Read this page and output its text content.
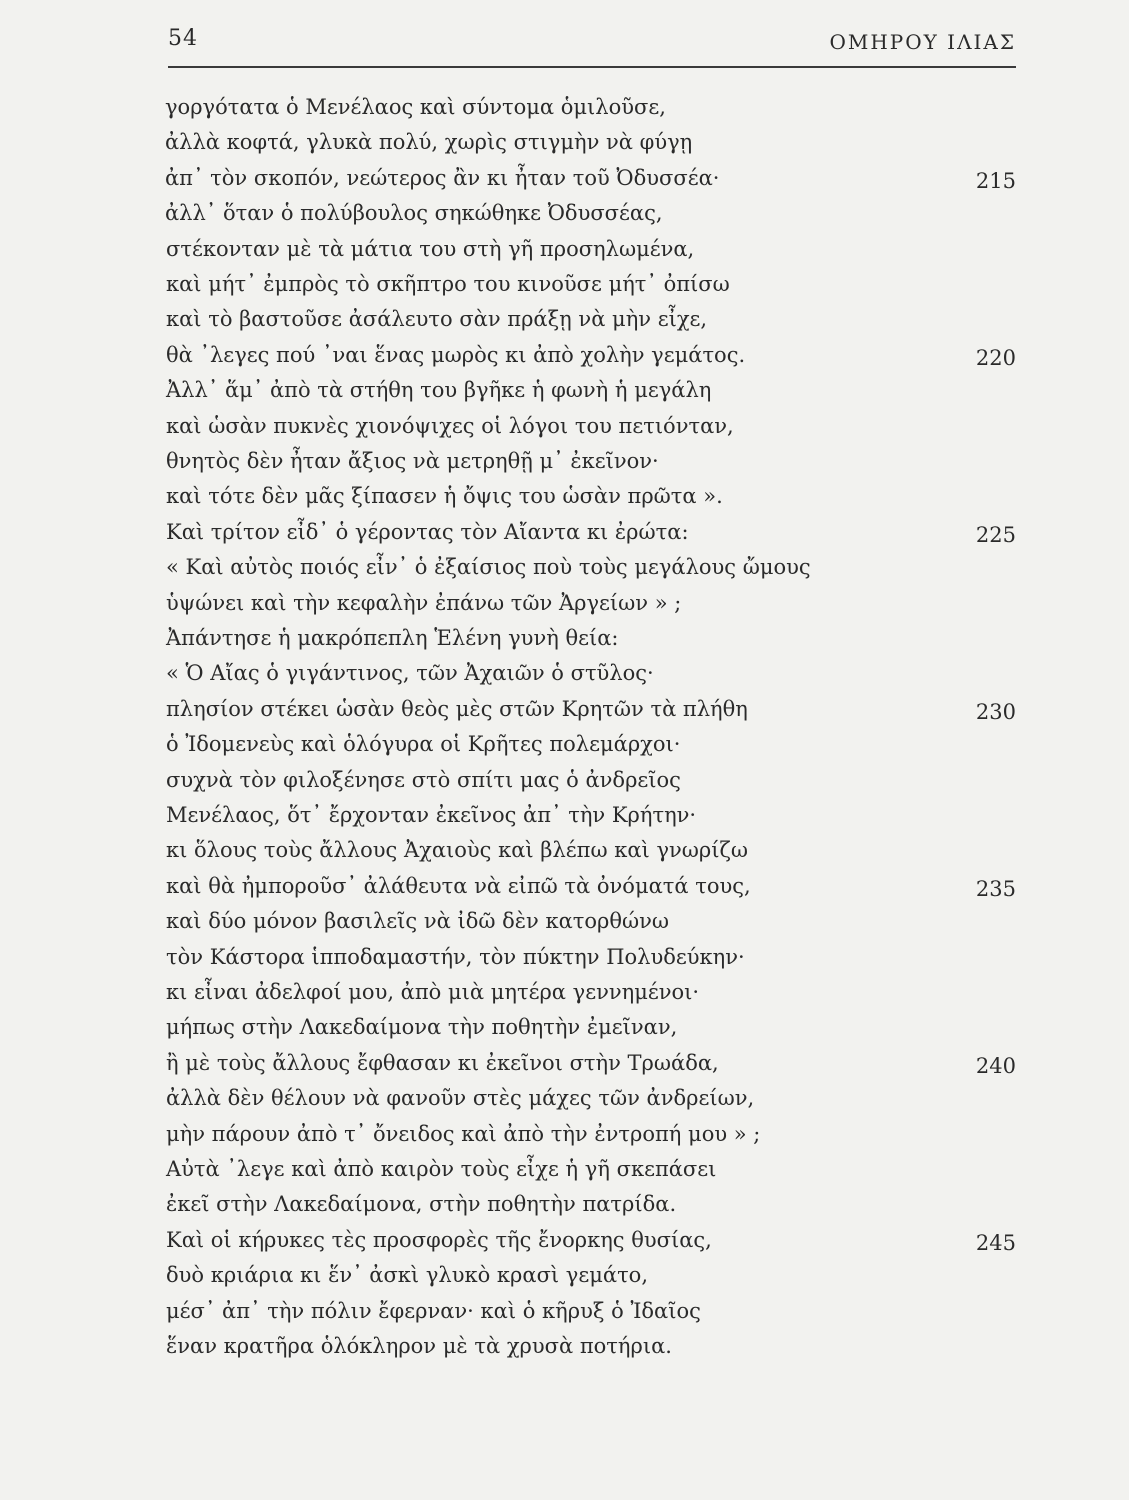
54	ΟΜΗΡΟΥ ΙΛΙΑΣ
γοργότατα ὁ Μενέλαος καὶ σύντομα ὁμιλοῦσε,
ἀλλὰ κοφτά, γλυκὰ πολύ, χωρὶς στιγμὴν νὰ φύγῃ
ἀπ᾽ τὸν σκοπόν, νεώτερος ἂν κι ἦταν τοῦ Ὀδυσσέα·	215
ἀλλ᾽ ὅταν ὁ πολύβουλος σηκώθηκε Ὀδυσσέας,
στέκονταν μὲ τὰ μάτια του στὴ γῆ προσηλωμένα,
καὶ μήτ᾽ ἐμπρὸς τὸ σκῆπτρο του κινοῦσε μήτ᾽ ὀπίσω
καὶ τὸ βαστοῦσε ἀσάλευτο σὰν πράξῃ νὰ μὴν εἶχε,
θὰ ᾽λεγες πού ᾽ναι ἕνας μωρὸς κι ἀπὸ χολὴν γεμάτος.	220
Ἀλλ᾽ ἅμ᾽ ἀπὸ τὰ στήθη του βγῆκε ἡ φωνὴ ἡ μεγάλη
καὶ ὡσὰν πυκνὲς χιονόψιχες οἱ λόγοι του πετιόνταν,
θνητὸς δὲν ἦταν ἄξιος νὰ μετρηθῇ μ᾽ ἐκεῖνον·
καὶ τότε δὲν μᾶς ξίπασεν ἡ ὄψις του ὡσὰν πρῶτα ».
Καὶ τρίτον εἶδ᾽ ὁ γέροντας τὸν Αἴαντα κι ἐρώτα:	225
« Καὶ αὐτὸς ποιός εἶν᾽ ὁ ἐξαίσιος ποὺ τοὺς μεγάλους ὤμους
ὑψώνει καὶ τὴν κεφαλὴν ἐπάνω τῶν Ἀργείων » ;
Ἀπάντησε ἡ μακρόπεπλη Ἑλένη γυνὴ θεία:
« Ὁ Αἴας ὁ γιγάντινος, τῶν Ἀχαιῶν ὁ στῦλος·
πλησίον στέκει ὡσὰν θεὸς μὲς στῶν Κρητῶν τὰ πλήθη	230
ὁ Ἰδομενεὺς καὶ ὁλόγυρα οἱ Κρῆτες πολεμάρχοι·
συχνὰ τὸν φιλοξένησε στὸ σπίτι μας ὁ ἀνδρεῖος
Μενέλαος, ὅτ᾽ ἔρχονταν ἐκεῖνος ἀπ᾽ τὴν Κρήτην·
κι ὅλους τοὺς ἄλλους Ἀχαιοὺς καὶ βλέπω καὶ γνωρίζω
καὶ θὰ ἠμποροῦσ᾽ ἀλάθευτα νὰ εἰπῶ τὰ ὀνόματά τους,	235
καὶ δύο μόνον βασιλεῖς νὰ ἰδῶ δὲν κατορθώνω
τὸν Κάστορα ἱπποδαμαστήν, τὸν πύκτην Πολυδεύκην·
κι εἶναι ἀδελφοί μου, ἀπὸ μιὰ μητέρα γεννημένοι·
μήπως στὴν Λακεδαίμονα τὴν ποθητὴν ἐμεῖναν,
ἢ μὲ τοὺς ἄλλους ἔφθασαν κι ἐκεῖνοι στὴν Τρωάδα,	240
ἀλλὰ δὲν θέλουν νὰ φανοῦν στὲς μάχες τῶν ἀνδρείων,
μὴν πάρουν ἀπὸ τ᾽ ὄνειδος καὶ ἀπὸ τὴν ἐντροπή μου » ;
Αὐτὰ ᾽λεγε καὶ ἀπὸ καιρὸν τοὺς εἶχε ἡ γῆ σκεπάσει
ἐκεῖ στὴν Λακεδαίμονα, στὴν ποθητὴν πατρίδα.
Καὶ οἱ κήρυκες τὲς προσφορὲς τῆς ἔνορκης θυσίας,	245
δυὸ κριάρια κι ἕν᾽ ἀσκὶ γλυκὸ κρασὶ γεμάτο,
μέσ᾽ ἀπ᾽ τὴν πόλιν ἔφερναν· καὶ ὁ κῆρυξ ὁ Ἰδαῖος
ἕναν κρατῆρα ὁλόκληρον μὲ τὰ χρυσὰ ποτήρια.
